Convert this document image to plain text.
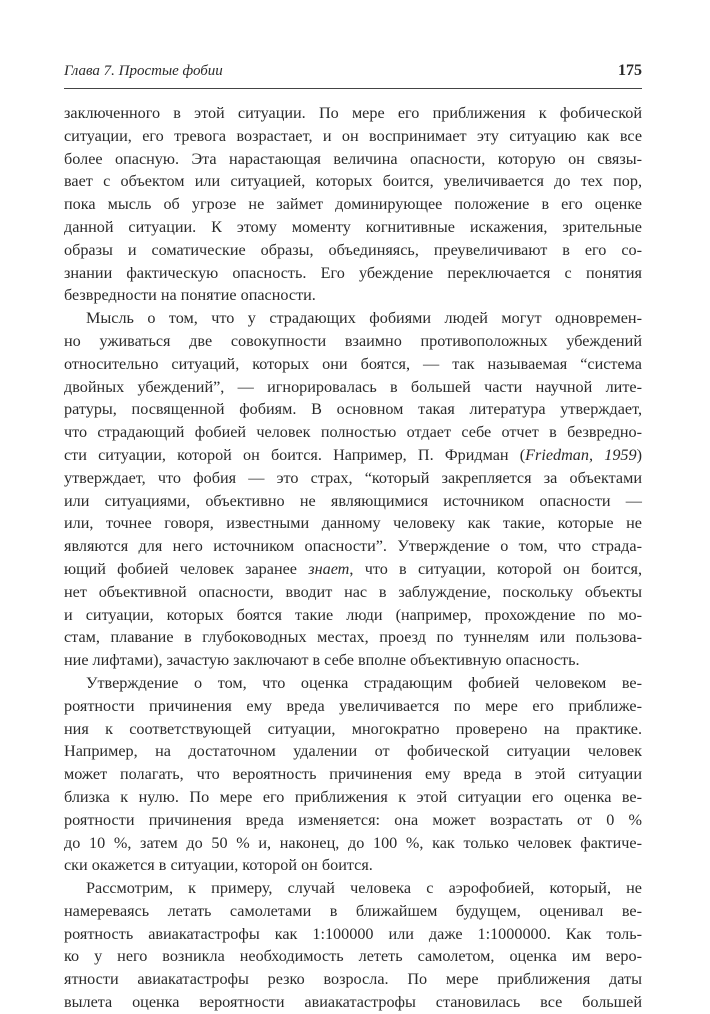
Глава 7. Простые фобии	175
заключенного в этой ситуации. По мере его приближения к фобической
ситуации, его тревога возрастает, и он воспринимает эту ситуацию как все
более опасную. Эта нарастающая величина опасности, которую он связы-
вает с объектом или ситуацией, которых боится, увеличивается до тех пор,
пока мысль об угрозе не займет доминирующее положение в его оценке
данной ситуации. К этому моменту когнитивные искажения, зрительные
образы и соматические образы, объединяясь, преувеличивают в его со-
знании фактическую опасность. Его убеждение переключается с понятия
безвредности на понятие опасности.
Мысль о том, что у страдающих фобиями людей могут одновремен-
но уживаться две совокупности взаимно противоположных убеждений
относительно ситуаций, которых они боятся, — так называемая “система
двойных убеждений”, — игнорировалась в большей части научной лите-
ратуры, посвященной фобиям. В основном такая литература утверждает,
что страдающий фобией человек полностью отдает себе отчет в безвредно-
сти ситуации, которой он боится. Например, П. Фридман (Friedman, 1959)
утверждает, что фобия — это страх, “который закрепляется за объектами
или ситуациями, объективно не являющимися источником опасности —
или, точнее говоря, известными данному человеку как такие, которые не
являются для него источником опасности”. Утверждение о том, что страда-
ющий фобией человек заранее знает, что в ситуации, которой он боится,
нет объективной опасности, вводит нас в заблуждение, поскольку объекты
и ситуации, которых боятся такие люди (например, прохождение по мо-
стам, плавание в глубоководных местах, проезд по туннелям или пользова-
ние лифтами), зачастую заключают в себе вполне объективную опасность.
Утверждение о том, что оценка страдающим фобией человеком ве-
роятности причинения ему вреда увеличивается по мере его приближе-
ния к соответствующей ситуации, многократно проверено на практике.
Например, на достаточном удалении от фобической ситуации человек
может полагать, что вероятность причинения ему вреда в этой ситуации
близка к нулю. По мере его приближения к этой ситуации его оценка ве-
роятности причинения вреда изменяется: она может возрастать от 0 %
до 10 %, затем до 50 % и, наконец, до 100 %, как только человек фактиче-
ски окажется в ситуации, которой он боится.
Рассмотрим, к примеру, случай человека с аэрофобией, который, не
намереваясь летать самолетами в ближайшем будущем, оценивал ве-
роятность авиакатастрофы как 1:100000 или даже 1:1000000. Как толь-
ко у него возникла необходимость лететь самолетом, оценка им веро-
ятности авиакатастрофы резко возросла. По мере приближения даты
вылета оценка вероятности авиакатастрофы становилась все большей
